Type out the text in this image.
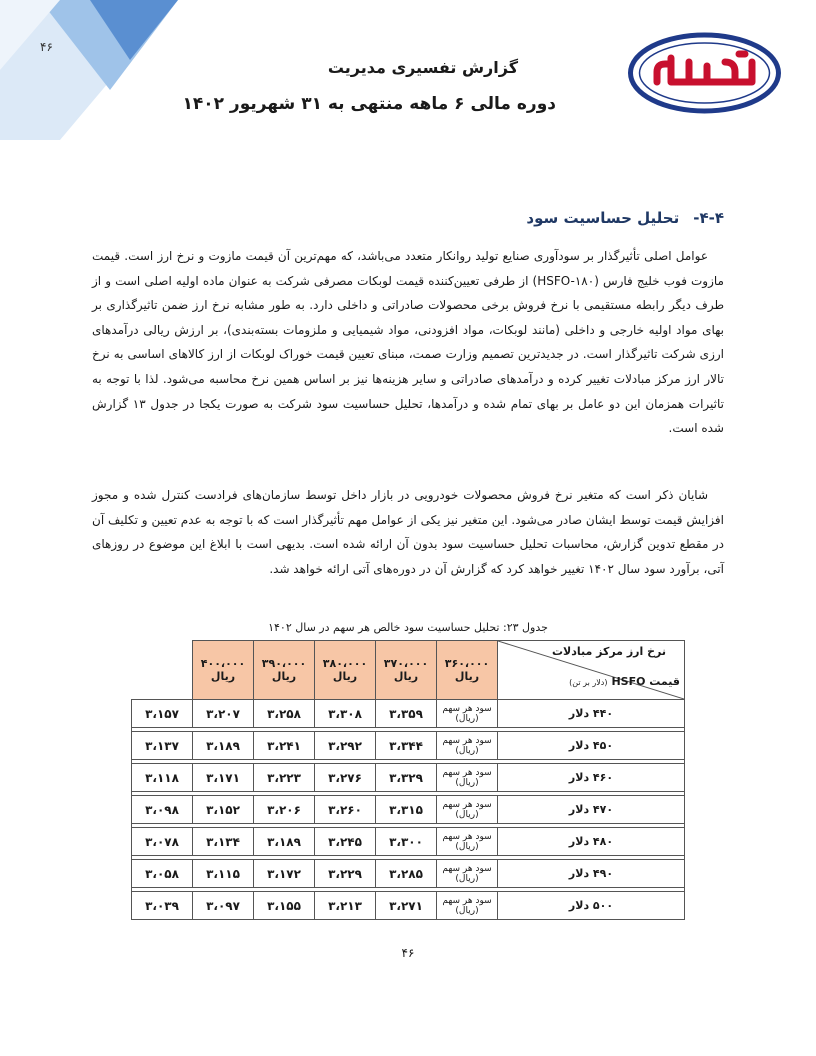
۴۶
گزارش تفسیری مدیریت
دوره مالی ۶ ماهه منتهی به ۳۱ شهریور ۱۴۰۲
۴-۴-تحلیل حساسیت سود
عوامل اصلی تأثیرگذار بر سودآوری صنایع تولید روانکار متعدد می‌باشد، که مهم‌ترین آن قیمت مازوت و نرخ ارز است. قیمت مازوت فوب خلیج فارس (HSFO-۱۸۰) از طرفی تعیین‌کننده قیمت لوبکات مصرفی شرکت به عنوان ماده اولیه اصلی است و از طرف دیگر رابطه مستقیمی با نرخ فروش برخی محصولات صادراتی و داخلی دارد. به طور مشابه نرخ ارز ضمن تاثیرگذاری بر بهای مواد اولیه خارجی و داخلی (مانند لوبکات، مواد افزودنی، مواد شیمیایی و ملزومات بسته‌بندی)، بر ارزش ریالی درآمدهای ارزی شرکت تاثیرگذار است. در جدیدترین تصمیم وزارت صمت، مبنای تعیین قیمت خوراک لوبکات از ارز کالاهای اساسی به نرخ تالار ارز مرکز مبادلات تغییر کرده و درآمدهای صادراتی و سایر هزینه‌ها نیز بر اساس همین نرخ محاسبه می‌شود. لذا با توجه به تاثیرات همزمان این دو عامل بر بهای تمام شده و درآمدها، تحلیل حساسیت سود شرکت به صورت یکجا در جدول ۱۳ گزارش شده است.
شایان ذکر است که متغیر نرخ فروش محصولات خودرویی در بازار داخل توسط سازمان‌های فرادست کنترل شده و مجوز افزایش قیمت توسط ایشان صادر می‌شود. این متغیر نیز یکی از عوامل مهم تأثیرگذار است که با توجه به عدم تعیین و تکلیف آن در مقطع تدوین گزارش، محاسبات تحلیل حساسیت سود بدون آن ارائه شده است. بدیهی است با ابلاغ این موضوع در روزهای آتی، برآورد سود سال ۱۴۰۲ تغییر خواهد کرد که گزارش آن در دوره‌های آتی ارائه خواهد شد.
جدول ۲۳: تحلیل حساسیت سود خالص هر سهم در سال ۱۴۰۲
نرخ ارز مرکز مبادلات
قیمت HSFO(دلار بر تن)	۳۶۰،۰۰۰ ریال	۳۷۰،۰۰۰ ریال	۳۸۰،۰۰۰ ریال	۳۹۰،۰۰۰ ریال	۴۰۰،۰۰۰ ریال	
۴۴۰ دلار	سود هر سهم (ریال)	۳،۳۵۹	۳،۳۰۸	۳،۲۵۸	۳،۲۰۷	۳،۱۵۷

۴۵۰ دلار	سود هر سهم (ریال)	۳،۳۴۴	۳،۲۹۲	۳،۲۴۱	۳،۱۸۹	۳،۱۳۷

۴۶۰ دلار	سود هر سهم (ریال)	۳،۳۲۹	۳،۲۷۶	۳،۲۲۳	۳،۱۷۱	۳،۱۱۸

۴۷۰ دلار	سود هر سهم (ریال)	۳،۳۱۵	۳،۲۶۰	۳،۲۰۶	۳،۱۵۲	۳،۰۹۸

۴۸۰ دلار	سود هر سهم (ریال)	۳،۳۰۰	۳،۲۴۵	۳،۱۸۹	۳،۱۳۴	۳،۰۷۸

۴۹۰ دلار	سود هر سهم (ریال)	۳،۲۸۵	۳،۲۲۹	۳،۱۷۲	۳،۱۱۵	۳،۰۵۸

۵۰۰ دلار	سود هر سهم (ریال)	۳،۲۷۱	۳،۲۱۳	۳،۱۵۵	۳،۰۹۷	۳،۰۳۹
۴۶
